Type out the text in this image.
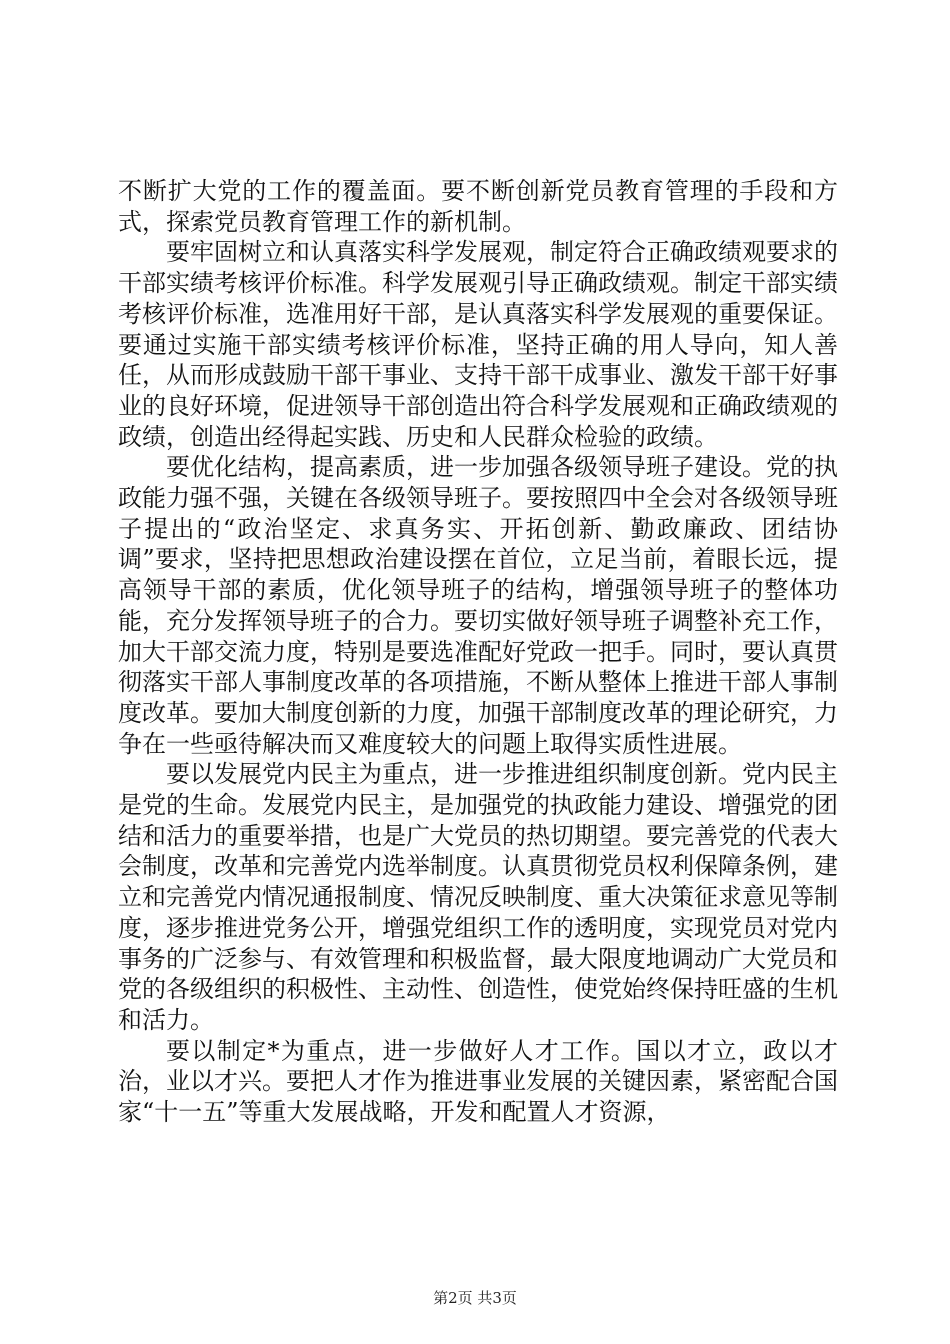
不断扩大党的工作的覆盖面。要不断创新党员教育管理的手段和方式，探索党员教育管理工作的新机制。

要牢固树立和认真落实科学发展观，制定符合正确政绩观要求的干部实绩考核评价标准。科学发展观引导正确政绩观。制定干部实绩考核评价标准，选准用好干部，是认真落实科学发展观的重要保证。要通过实施干部实绩考核评价标准，坚持正确的用人导向，知人善任，从而形成鼓励干部干事业、支持干部干成事业、激发干部干好事业的良好环境，促进领导干部创造出符合科学发展观和正确政绩观的政绩，创造出经得起实践、历史和人民群众检验的政绩。

要优化结构，提高素质，进一步加强各级领导班子建设。党的执政能力强不强，关键在各级领导班子。要按照四中全会对各级领导班子提出的“政治坚定、求真务实、开拓创新、勤政廉政、团结协调”要求，坚持把思想政治建设摆在首位，立足当前，着眼长远，提高领导干部的素质，优化领导班子的结构，增强领导班子的整体功能，充分发挥领导班子的合力。要切实做好领导班子调整补充工作，加大干部交流力度，特别是要选准配好党政一把手。同时，要认真贯彻落实干部人事制度改革的各项措施，不断从整体上推进干部人事制度改革。要加大制度创新的力度，加强干部制度改革的理论研究，力争在一些亟待解决而又难度较大的问题上取得实质性进展。

要以发展党内民主为重点，进一步推进组织制度创新。党内民主是党的生命。发展党内民主，是加强党的执政能力建设、增强党的团结和活力的重要举措，也是广大党员的热切期望。要完善党的代表大会制度，改革和完善党内选举制度。认真贯彻党员权利保障条例，建立和完善党内情况通报制度、情况反映制度、重大决策征求意见等制度，逐步推进党务公开，增强党组织工作的透明度，实现党员对党内事务的广泛参与、有效管理和积极监督，最大限度地调动广大党员和党的各级组织的积极性、主动性、创造性，使党始终保持旺盛的生机和活力。

要以制定*为重点，进一步做好人才工作。国以才立，政以才治，业以才兴。要把人才作为推进事业发展的关键因素，紧密配合国家“十一五”等重大发展战略，开发和配置人才资源，

第2页 共3页
